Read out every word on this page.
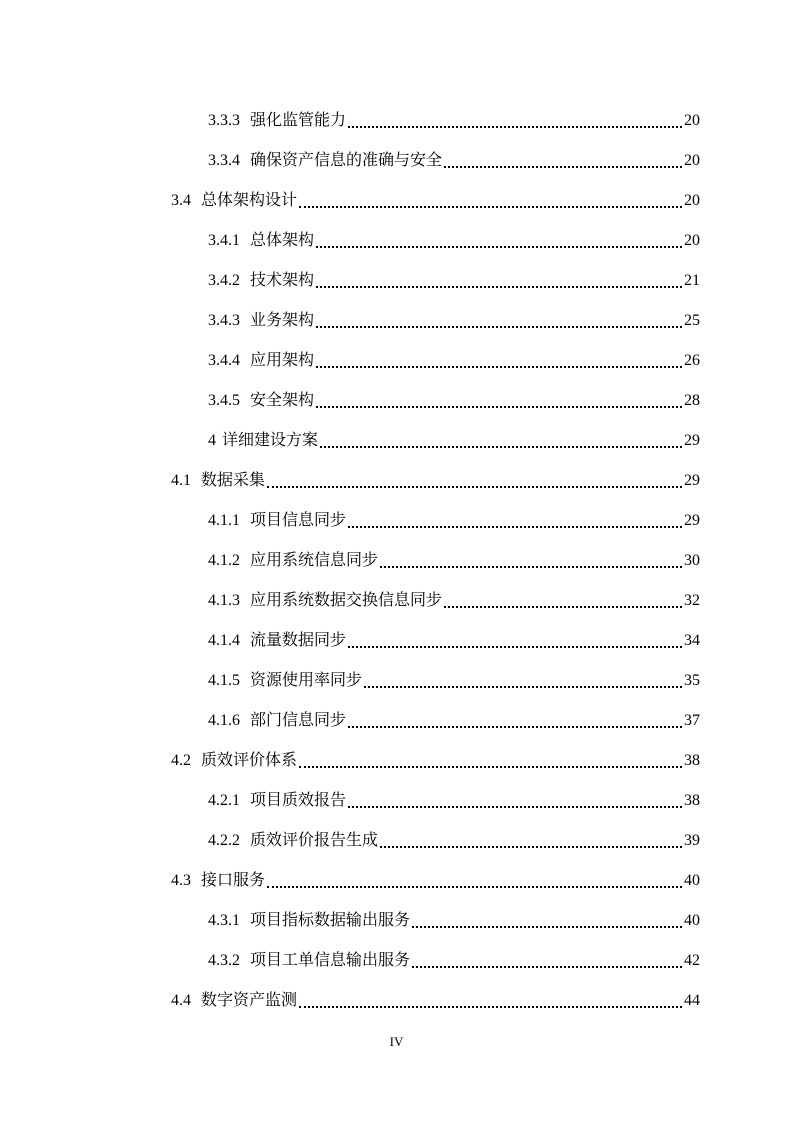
3.3.3 强化监管能力	20
3.3.4 确保资产信息的准确与安全	20
3.4 总体架构设计	20
3.4.1 总体架构	20
3.4.2 技术架构	21
3.4.3 业务架构	25
3.4.4 应用架构	26
3.4.5 安全架构	28
4 详细建设方案	29
4.1 数据采集	29
4.1.1 项目信息同步	29
4.1.2 应用系统信息同步	30
4.1.3 应用系统数据交换信息同步	32
4.1.4 流量数据同步	34
4.1.5 资源使用率同步	35
4.1.6 部门信息同步	37
4.2 质效评价体系	38
4.2.1 项目质效报告	38
4.2.2 质效评价报告生成	39
4.3 接口服务	40
4.3.1 项目指标数据输出服务	40
4.3.2 项目工单信息输出服务	42
4.4 数字资产监测	44
IV
